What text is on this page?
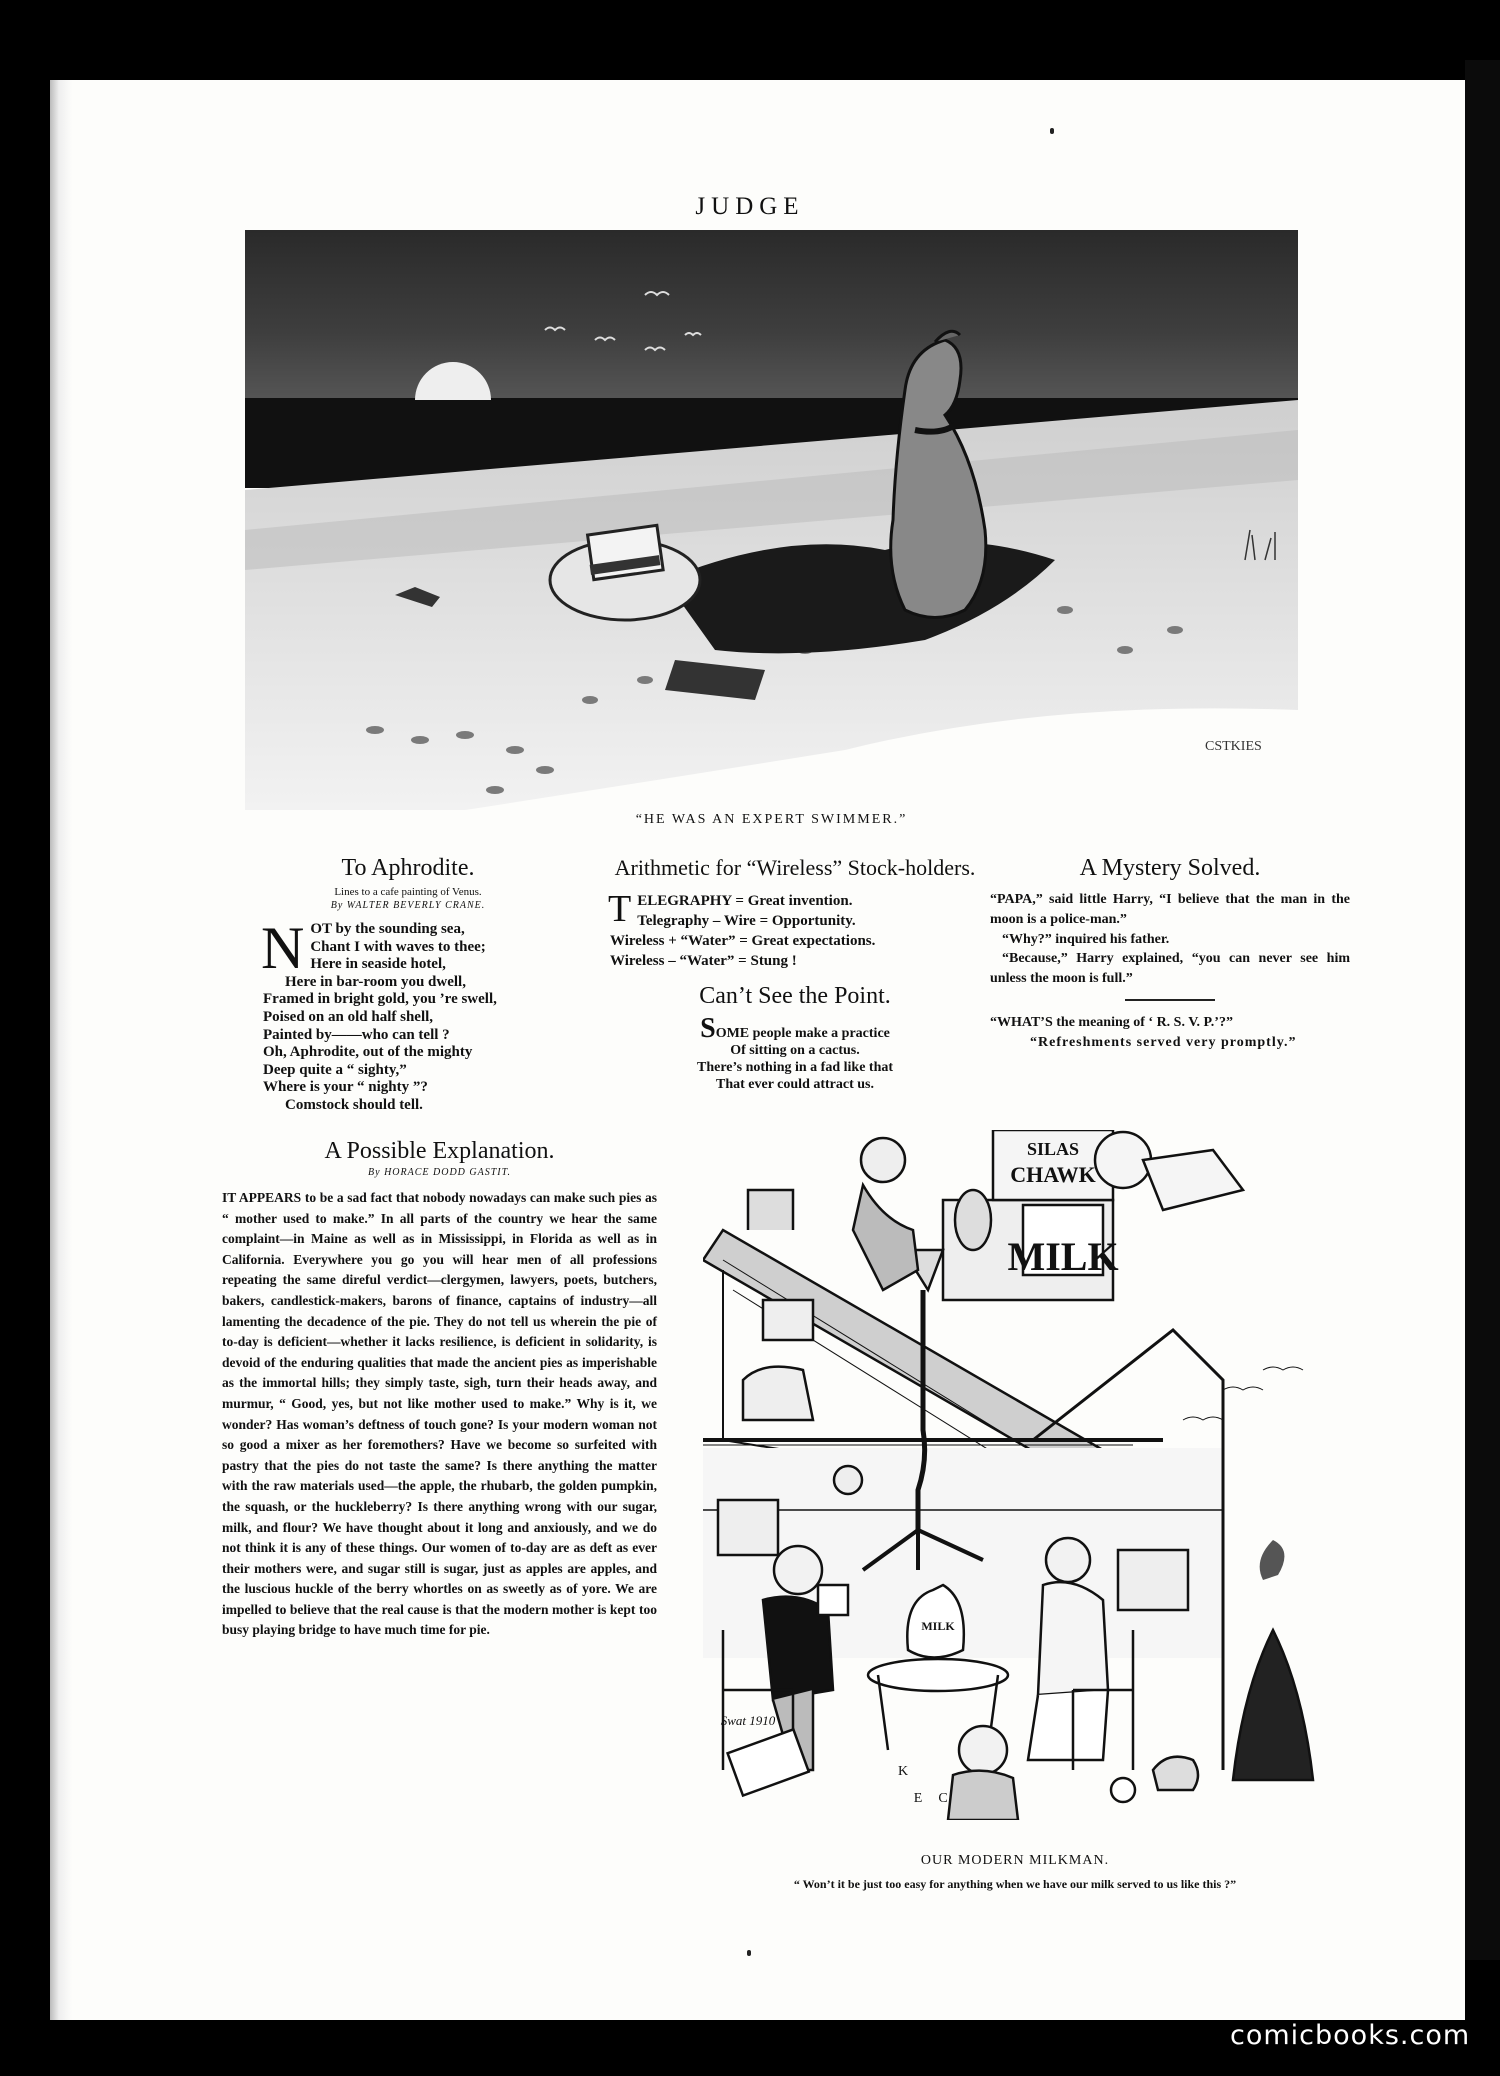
JUDGE
CSTKIES
“HE WAS AN EXPERT SWIMMER.”
To Aphrodite.
Lines to a cafe painting of Venus.
By WALTER BEVERLY CRANE.
N OT by the sounding sea,
Chant I with waves to thee;
Here in seaside hotel,
Here in bar-room you dwell,
Framed in bright gold, you ’re swell,
Poised on an old half shell,
Painted by——who can tell ?
Oh, Aphrodite, out of the mighty
Deep quite a “ sighty,”
Where is your “ nighty ”?
Comstock should tell.
Arithmetic for “Wireless” Stock-holders.
T ELEGRAPHY = Great invention.
Telegraphy – Wire = Opportunity.
Wireless + “Water” = Great expectations.
Wireless – “Water” = Stung !
Can’t See the Point.
SOME people make a practice
Of sitting on a cactus.
There’s nothing in a fad like that
That ever could attract us.
A Mystery Solved.

“PAPA,” said little Harry, “I believe that the man in the moon is a police-man.”

“Why?” inquired his father.

“Because,” Harry explained, “you can never see him unless the moon is full.”

“WHAT’S the meaning of ‘ R. S. V. P.’?”

“Refreshments served very promptly.”

A Possible Explanation.
By HORACE DODD GASTIT.

IT APPEARS to be a sad fact that nobody nowadays can make such pies as “ mother used to make.” In all parts of the country we hear the same complaint—in Maine as well as in Mississippi, in Florida as well as in California. Everywhere you go you will hear men of all professions repeating the same direful verdict—clergymen, lawyers, poets, butchers, bakers, candlestick-makers, barons of finance, captains of industry—all lamenting the decadence of the pie. They do not tell us wherein the pie of to-day is deficient—whether it lacks resilience, is deficient in solidarity, is devoid of the enduring qualities that made the ancient pies as imperishable as the immortal hills; they simply taste, sigh, turn their heads away, and murmur, “ Good, yes, but not like mother used to make.” Why is it, we wonder? Has woman’s deftness of touch gone? Is your modern woman not so good a mixer as her foremothers? Have we become so surfeited with pastry that the pies do not taste the same? Is there anything the matter with the raw materials used—the apple, the rhubarb, the golden pumpkin, the squash, or the huckleberry? Is there anything wrong with our sugar, milk, and flour? We have thought about it long and anxiously, and we do not think it is any of these things. Our women of to-day are as deft as ever their mothers were, and sugar still is sugar, just as apples are apples, and the luscious huckle of the berry whortles on as sweetly as of yore. We are impelled to believe that the real cause is that the modern mother is kept too busy playing bridge to have much time for pie.

SILAS
CHAWK
MILK
MILK
K
E C
Swat 1910
OUR MODERN MILKMAN.
“ Won’t it be just too easy for anything when we have our milk served to us like this ?”
comicbooks.com
